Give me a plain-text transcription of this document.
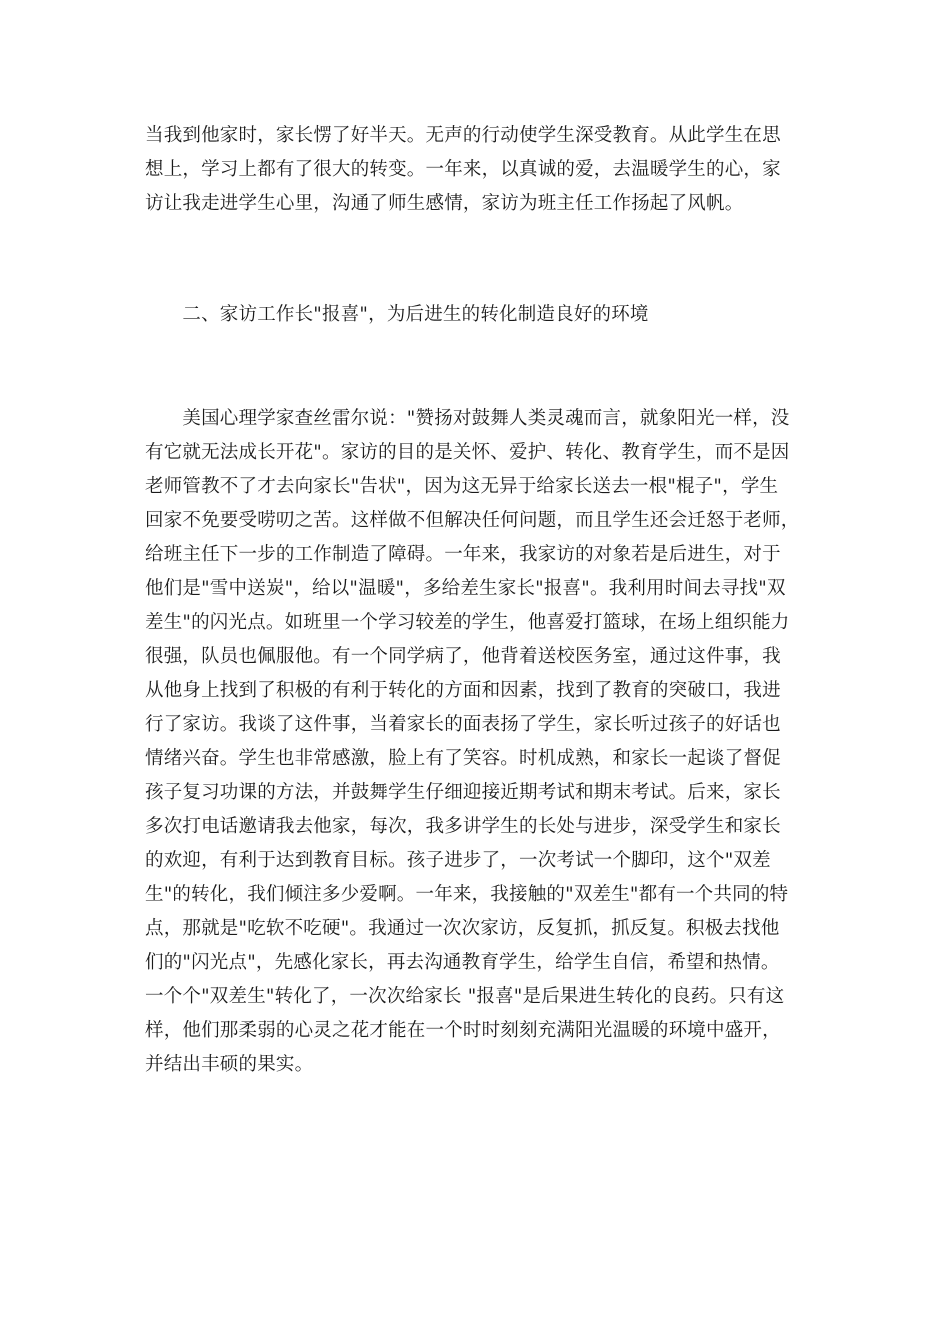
当我到他家时，家长愣了好半天。无声的行动使学生深受教育。从此学生在思
想上，学习上都有了很大的转变。一年来，以真诚的爱，去温暖学生的心，家
访让我走进学生心里，沟通了师生感情，家访为班主任工作扬起了风帆。
　　二、家访工作长"报喜"，为后进生的转化制造良好的环境
　　美国心理学家查丝雷尔说："赞扬对鼓舞人类灵魂而言，就象阳光一样，没
有它就无法成长开花"。家访的目的是关怀、爱护、转化、教育学生，而不是因
老师管教不了才去向家长"告状"，因为这无异于给家长送去一根"棍子"，学生
回家不免要受唠叨之苦。这样做不但解决任何问题，而且学生还会迁怒于老师，
给班主任下一步的工作制造了障碍。一年来，我家访的对象若是后进生，对于
他们是"雪中送炭"，给以"温暖"，多给差生家长"报喜"。我利用时间去寻找"双
差生"的闪光点。如班里一个学习较差的学生，他喜爱打篮球，在场上组织能力
很强，队员也佩服他。有一个同学病了，他背着送校医务室，通过这件事，我
从他身上找到了积极的有利于转化的方面和因素，找到了教育的突破口，我进
行了家访。我谈了这件事，当着家长的面表扬了学生，家长听过孩子的好话也
情绪兴奋。学生也非常感激，脸上有了笑容。时机成熟，和家长一起谈了督促
孩子复习功课的方法，并鼓舞学生仔细迎接近期考试和期末考试。后来，家长
多次打电话邀请我去他家，每次，我多讲学生的长处与进步，深受学生和家长
的欢迎，有利于达到教育目标。孩子进步了，一次考试一个脚印，这个"双差
生"的转化，我们倾注多少爱啊。一年来，我接触的"双差生"都有一个共同的特
点，那就是"吃软不吃硬"。我通过一次次家访，反复抓，抓反复。积极去找他
们的"闪光点"，先感化家长，再去沟通教育学生，给学生自信，希望和热情。
一个个"双差生"转化了，一次次给家长 "报喜"是后果进生转化的良药。只有这
样，他们那柔弱的心灵之花才能在一个时时刻刻充满阳光温暖的环境中盛开，
并结出丰硕的果实。
